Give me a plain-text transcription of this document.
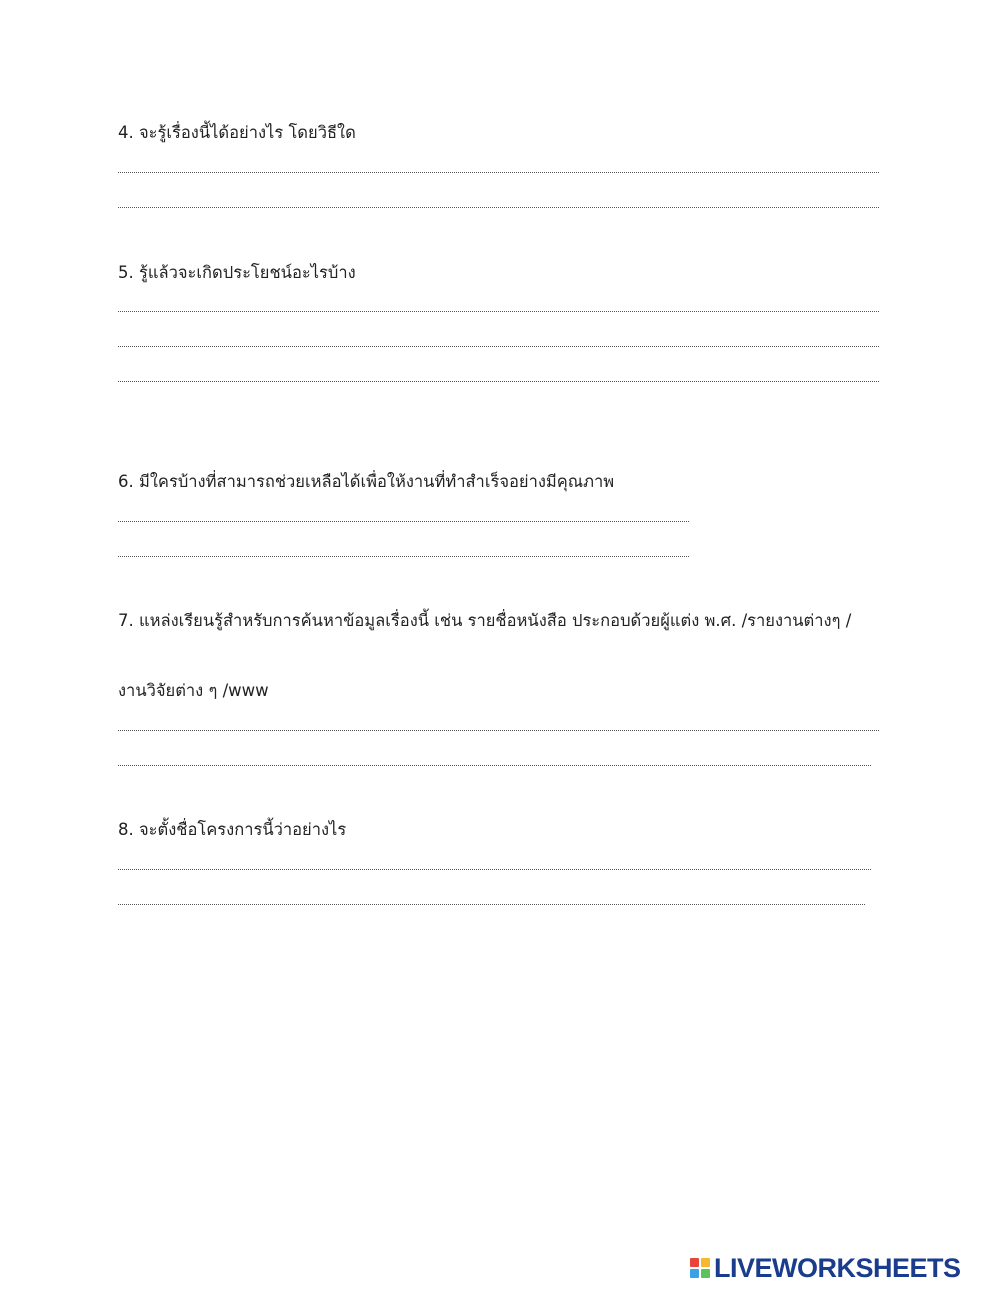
4. จะรู้เรื่องนี้ได้อย่างไร โดยวิธีใด

5. รู้แล้วจะเกิดประโยชน์อะไรบ้าง

6. มีใครบ้างที่สามารถช่วยเหลือได้เพื่อให้งานที่ทำสำเร็จอย่างมีคุณภาพ

7. แหล่งเรียนรู้สำหรับการค้นหาข้อมูลเรื่องนี้ เช่น รายชื่อหนังสือ ประกอบด้วยผู้แต่ง พ.ศ. /รายงานต่างๆ /

งานวิจัยต่าง ๆ /www

8. จะตั้งชื่อโครงการนี้ว่าอย่างไร

LIVEWORKSHEETS
